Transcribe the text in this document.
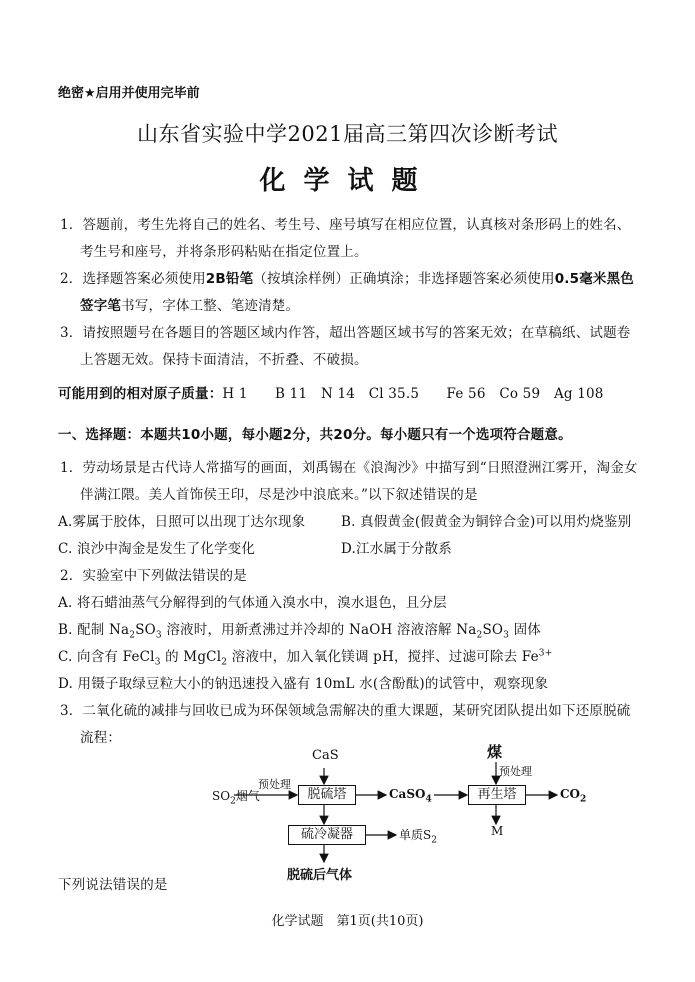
绝密★启用并使用完毕前
山东省实验中学2021届高三第四次诊断考试
化学试题
1．答题前，考生先将自己的姓名、考生号、座号填写在相应位置，认真核对条形码上的姓名、
考生号和座号，并将条形码粘贴在指定位置上。
2．选择题答案必须使用2B铅笔（按填涂样例）正确填涂；非选择题答案必须使用0.5毫米黑色
签字笔书写，字体工整、笔迹清楚。
3．请按照题号在各题目的答题区域内作答，超出答题区域书写的答案无效；在草稿纸、试题卷
上答题无效。保持卡面清洁，不折叠、不破损。
可能用到的相对原子质量：H 1　　B 11　N 14　Cl 35.5　　Fe 56　Co 59　Ag 108
一、选择题：本题共10小题，每小题2分，共20分。每小题只有一个选项符合题意。
1．劳动场景是古代诗人常描写的画面，刘禹锡在《浪淘沙》中描写到“日照澄洲江雾开，淘金女
伴满江隈。美人首饰侯王印，尽是沙中浪底来。”以下叙述错误的是
A.雾属于胶体，日照可以出现丁达尔现象	B. 真假黄金(假黄金为铜锌合金)可以用灼烧鉴别
C. 浪沙中淘金是发生了化学变化	D.江水属于分散系
2．实验室中下列做法错误的是
A. 将石蜡油蒸气分解得到的气体通入溴水中，溴水退色，且分层
B. 配制 $Na_2SO_3$ 溶液时，用新煮沸过并冷却的 NaOH 溶液溶解 $Na_2SO_3$ 固体
C. 向含有 FeCl$_3$ 的 MgCl$_2$ 溶液中，加入氧化镁调 pH，搅拌、过滤可除去 $Fe^{3+}$
D. 用镊子取绿豆粒大小的钠迅速投入盛有 10mL 水(含酚酞)的试管中，观察现象
3．二氧化硫的减排与回收已成为环保领域急需解决的重大课题，某研究团队提出如下还原脱硫
流程：
CaS
$SO_2$烟气
预处理
脱硫塔	CaSO$_4$
煤
预处理
再生塔	$CO_2$
M
硫冷凝器	单质$S_2$
脱硫后气体
下列说法错误的是
化学试题　第1页(共10页)
